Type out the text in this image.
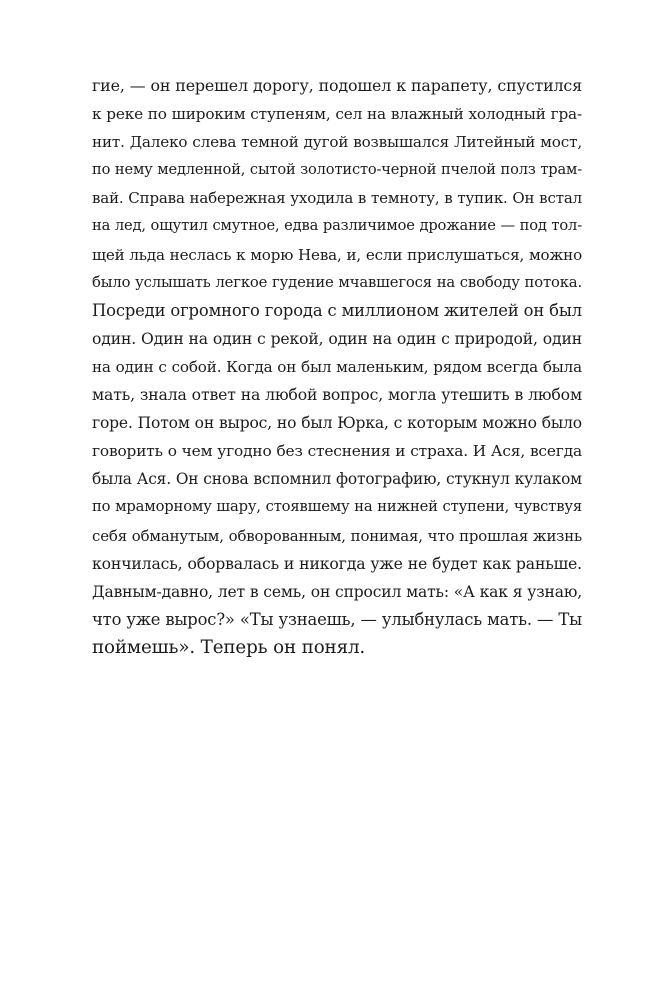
гие, — он перешел дорогу, подошел к парапету, спустился
к реке по широким ступеням, сел на влажный холодный гра-
нит. Далеко слева темной дугой возвышался Литейный мост,
по нему медленной, сытой золотисто-черной пчелой полз трам-
вай. Справа набережная уходила в темноту, в тупик. Он встал
на лед, ощутил смутное, едва различимое дрожание — под тол-
щей льда неслась к морю Нева, и, если прислушаться, можно
было услышать легкое гудение мчавшегося на свободу потока.
Посреди огромного города с миллионом жителей он был
один. Один на один с рекой, один на один с природой, один
на один с собой. Когда он был маленьким, рядом всегда была
мать, знала ответ на любой вопрос, могла утешить в любом
горе. Потом он вырос, но был Юрка, с которым можно было
говорить о чем угодно без стеснения и страха. И Ася, всегда
была Ася. Он снова вспомнил фотографию, стукнул кулаком
по мраморному шару, стоявшему на нижней ступени, чувствуя
себя обманутым, обворованным, понимая, что прошлая жизнь
кончилась, оборвалась и никогда уже не будет как раньше.
Давным-давно, лет в семь, он спросил мать: «А как я узнаю,
что уже вырос?» «Ты узнаешь, — улыбнулась мать. — Ты
поймешь». Теперь он понял.
